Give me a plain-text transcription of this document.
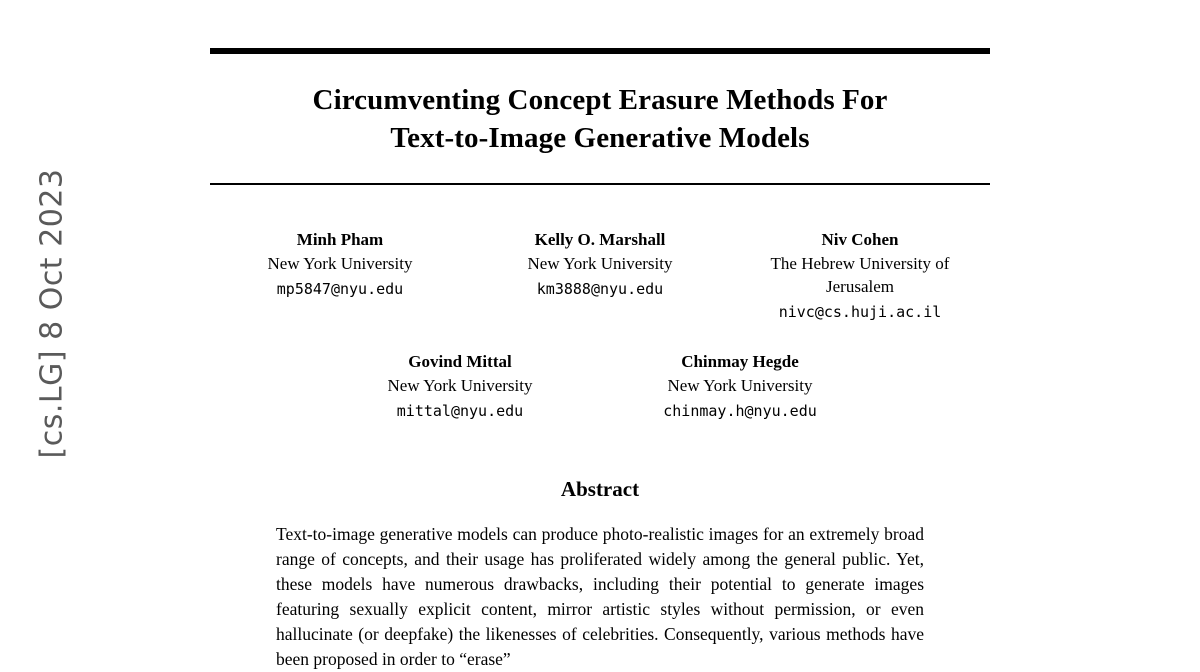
[cs.LG] 8 Oct 2023
Circumventing Concept Erasure Methods For
Text-to-Image Generative Models
Minh Pham
New York University
mp5847@nyu.edu
Kelly O. Marshall
New York University
km3888@nyu.edu
Niv Cohen
The Hebrew University of Jerusalem
nivc@cs.huji.ac.il
Govind Mittal
New York University
mittal@nyu.edu
Chinmay Hegde
New York University
chinmay.h@nyu.edu
Abstract
Text-to-image generative models can produce photo-realistic images for an extremely broad range of concepts, and their usage has proliferated widely among the general public. Yet, these models have numerous drawbacks, including their potential to generate images featuring sexually explicit content, mirror artistic styles without permission, or even hallucinate (or deepfake) the likenesses of celebrities. Consequently, various methods have been proposed in order to “erase”
